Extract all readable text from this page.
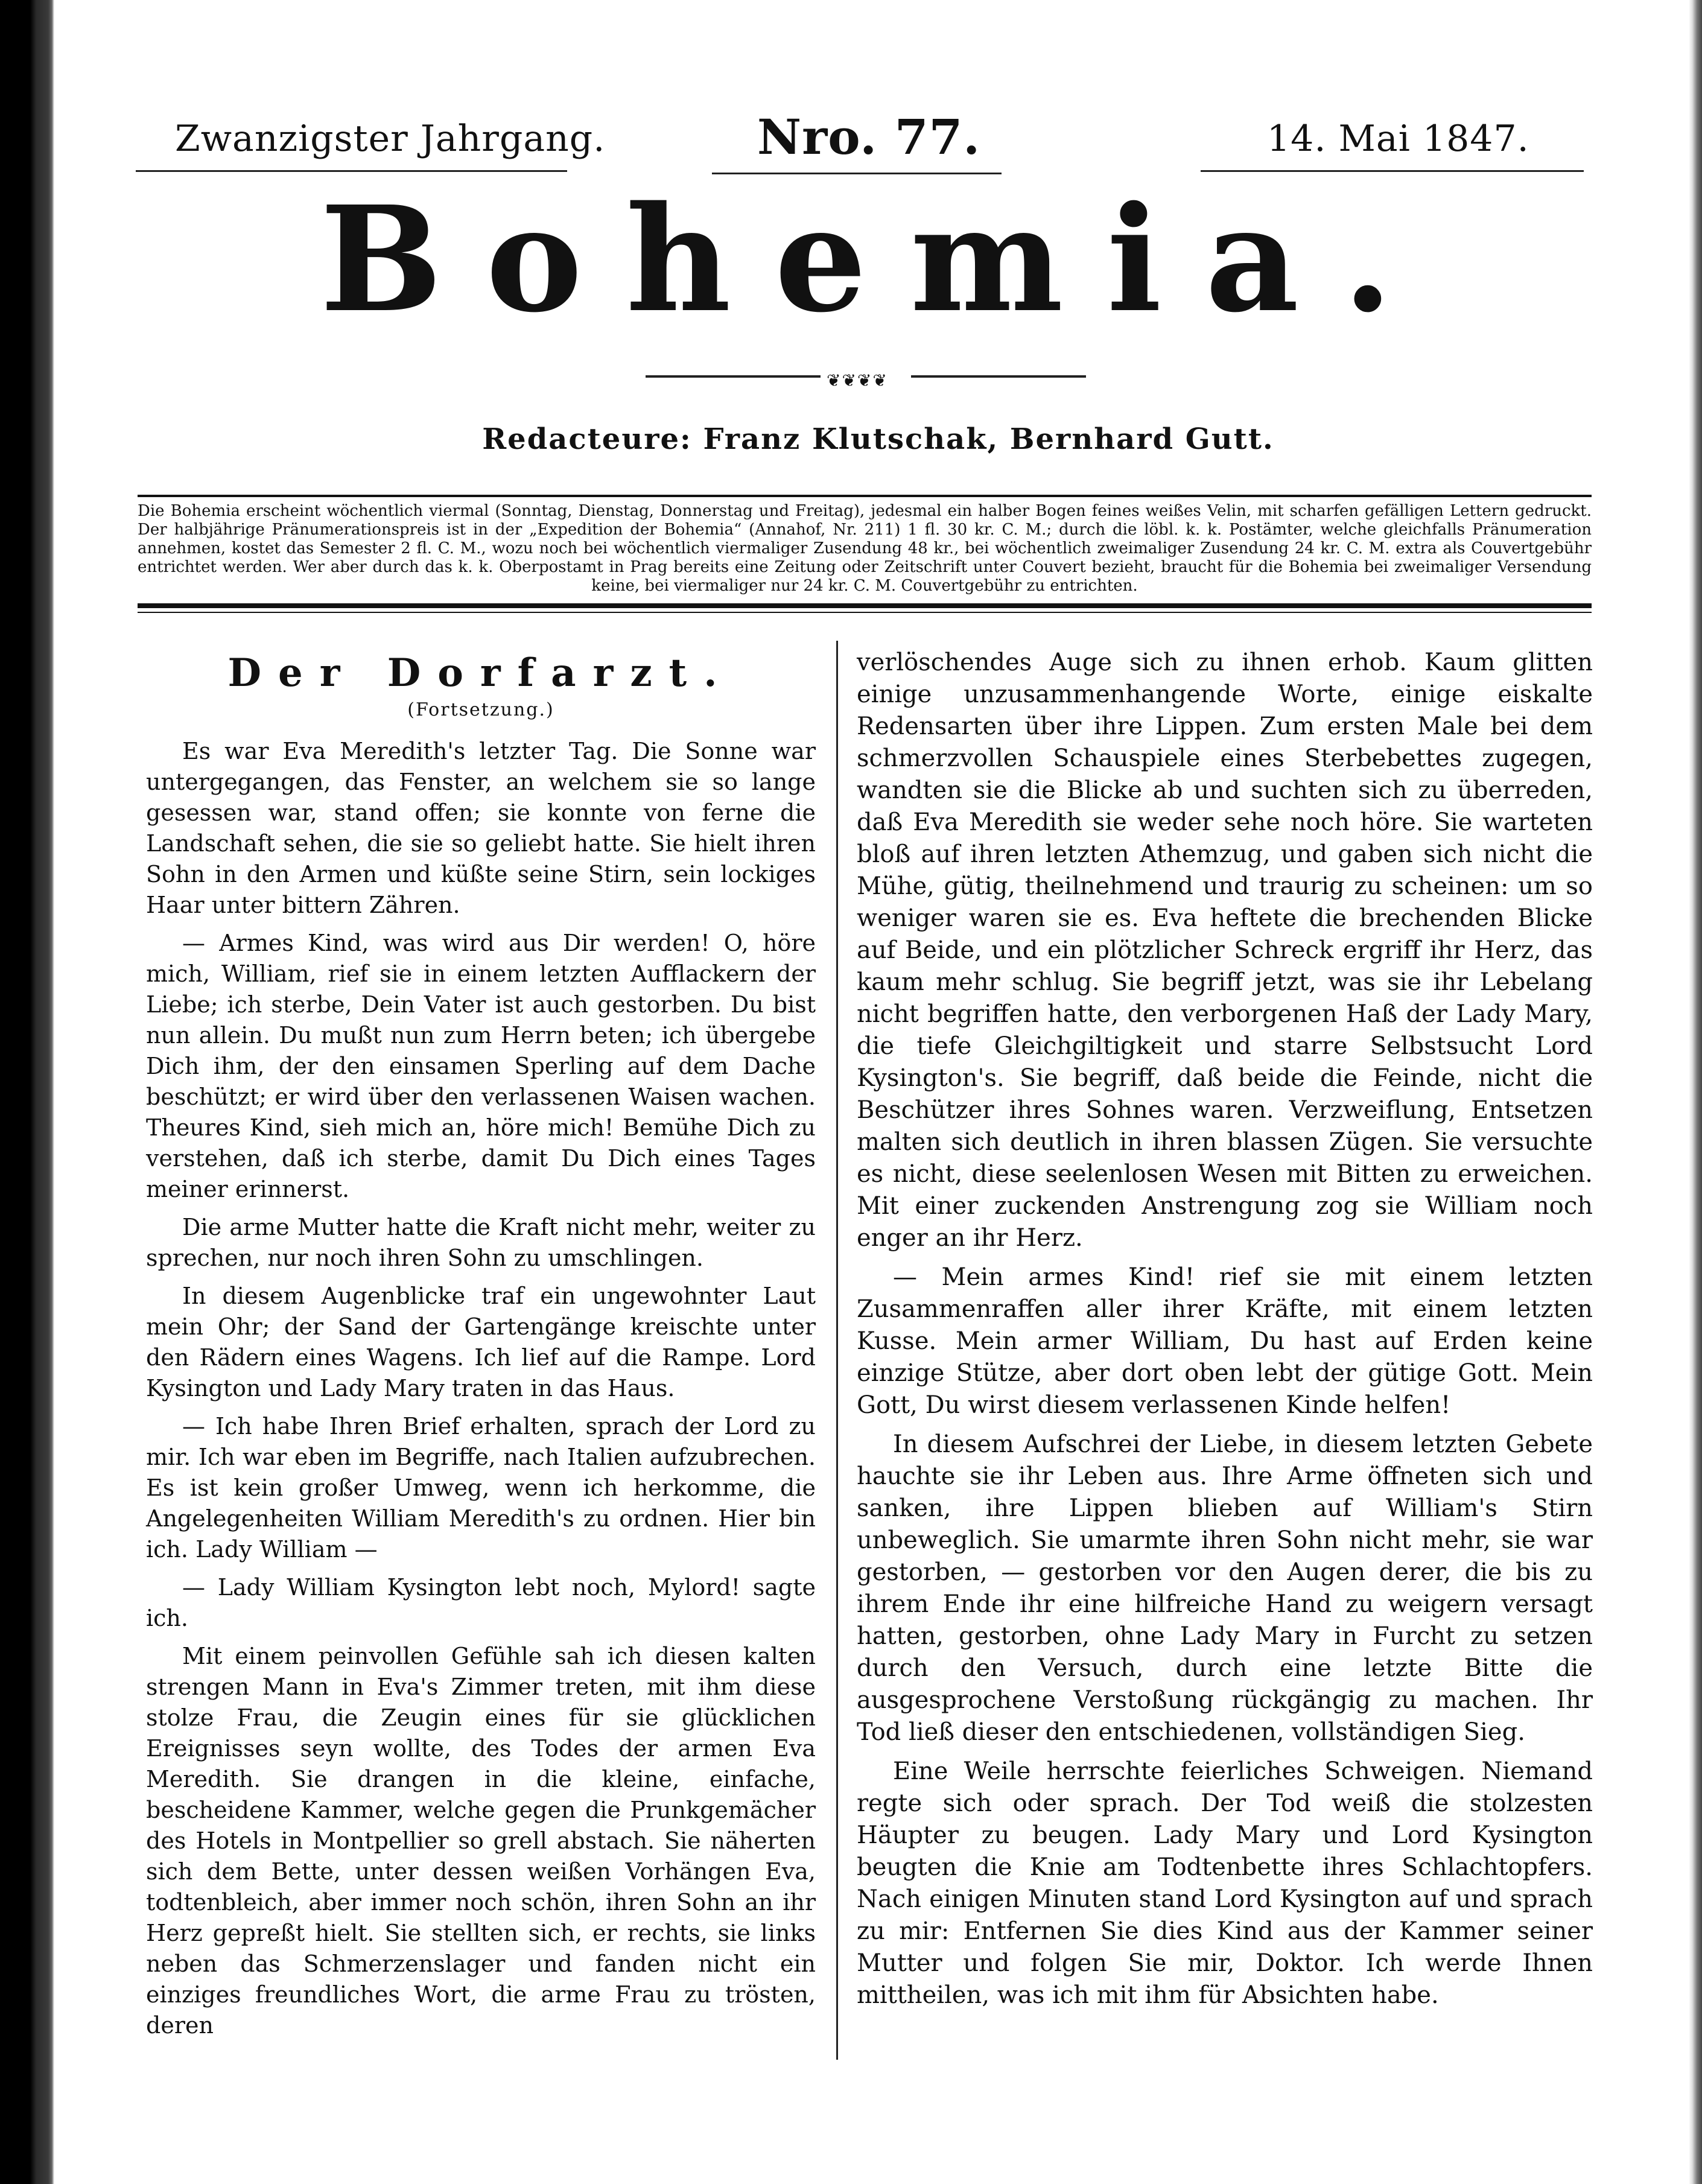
Zwanzigster Jahrgang.	Nro. 77.	14. Mai 1847.
Bohemia.
❦❦❦❦
Redacteure: Franz Klutschak, Bernhard Gutt.
Die Bohemia erscheint wöchentlich viermal (Sonntag, Dienstag, Donnerstag und Freitag), jedesmal ein halber Bogen feines weißes Velin, mit scharfen gefälligen Lettern gedruckt. Der halbjährige Pränumerationspreis ist in der „Expedition der Bohemia“ (Annahof, Nr. 211) 1 fl. 30 kr. C. M.; durch die löbl. k. k. Postämter, welche gleichfalls Pränumeration annehmen, kostet das Semester 2 fl. C. M., wozu noch bei wöchentlich viermaliger Zusendung 48 kr., bei wöchentlich zweimaliger Zusendung 24 kr. C. M. extra als Couvertgebühr entrichtet werden. Wer aber durch das k. k. Oberpostamt in Prag bereits eine Zeitung oder Zeitschrift unter Couvert bezieht, braucht für die Bohemia bei zweimaliger Versendung keine, bei viermaliger nur 24 kr. C. M. Couvertgebühr zu entrichten.
Der Dorfarzt.
(Fortsetzung.)

Es war Eva Meredith's letzter Tag. Die Sonne war untergegangen, das Fenster, an welchem sie so lange gesessen war, stand offen; sie konnte von ferne die Landschaft sehen, die sie so geliebt hatte. Sie hielt ihren Sohn in den Armen und küßte seine Stirn, sein lockiges Haar unter bittern Zähren.

— Armes Kind, was wird aus Dir werden! O, höre mich, William, rief sie in einem letzten Aufflackern der Liebe; ich sterbe, Dein Vater ist auch gestorben. Du bist nun allein. Du mußt nun zum Herrn beten; ich übergebe Dich ihm, der den einsamen Sperling auf dem Dache beschützt; er wird über den verlassenen Waisen wachen. Theures Kind, sieh mich an, höre mich! Bemühe Dich zu verstehen, daß ich sterbe, damit Du Dich eines Tages meiner erinnerst.

Die arme Mutter hatte die Kraft nicht mehr, weiter zu sprechen, nur noch ihren Sohn zu umschlingen.

In diesem Augenblicke traf ein ungewohnter Laut mein Ohr; der Sand der Gartengänge kreischte unter den Rädern eines Wagens. Ich lief auf die Rampe. Lord Kysington und Lady Mary traten in das Haus.

— Ich habe Ihren Brief erhalten, sprach der Lord zu mir. Ich war eben im Begriffe, nach Italien aufzubrechen. Es ist kein großer Umweg, wenn ich herkomme, die Angelegenheiten William Meredith's zu ordnen. Hier bin ich. Lady William —

— Lady William Kysington lebt noch, Mylord! sagte ich.

Mit einem peinvollen Gefühle sah ich diesen kalten strengen Mann in Eva's Zimmer treten, mit ihm diese stolze Frau, die Zeugin eines für sie glücklichen Ereignisses seyn wollte, des Todes der armen Eva Meredith. Sie drangen in die kleine, einfache, bescheidene Kammer, welche gegen die Prunkgemächer des Hotels in Montpellier so grell abstach. Sie näherten sich dem Bette, unter dessen weißen Vorhängen Eva, todtenbleich, aber immer noch schön, ihren Sohn an ihr Herz gepreßt hielt. Sie stellten sich, er rechts, sie links neben das Schmerzenslager und fanden nicht ein einziges freundliches Wort, die arme Frau zu trösten, deren

verlöschendes Auge sich zu ihnen erhob. Kaum glitten einige unzusammenhangende Worte, einige eiskalte Redensarten über ihre Lippen. Zum ersten Male bei dem schmerzvollen Schauspiele eines Sterbebettes zugegen, wandten sie die Blicke ab und suchten sich zu überreden, daß Eva Meredith sie weder sehe noch höre. Sie warteten bloß auf ihren letzten Athemzug, und gaben sich nicht die Mühe, gütig, theilnehmend und traurig zu scheinen: um so weniger waren sie es. Eva heftete die brechenden Blicke auf Beide, und ein plötzlicher Schreck ergriff ihr Herz, das kaum mehr schlug. Sie begriff jetzt, was sie ihr Lebelang nicht begriffen hatte, den verborgenen Haß der Lady Mary, die tiefe Gleichgiltigkeit und starre Selbstsucht Lord Kysington's. Sie begriff, daß beide die Feinde, nicht die Beschützer ihres Sohnes waren. Verzweiflung, Entsetzen malten sich deutlich in ihren blassen Zügen. Sie versuchte es nicht, diese seelenlosen Wesen mit Bitten zu erweichen. Mit einer zuckenden Anstrengung zog sie William noch enger an ihr Herz.

— Mein armes Kind! rief sie mit einem letzten Zusammenraffen aller ihrer Kräfte, mit einem letzten Kusse. Mein armer William, Du hast auf Erden keine einzige Stütze, aber dort oben lebt der gütige Gott. Mein Gott, Du wirst diesem verlassenen Kinde helfen!

In diesem Aufschrei der Liebe, in diesem letzten Gebete hauchte sie ihr Leben aus. Ihre Arme öffneten sich und sanken, ihre Lippen blieben auf William's Stirn unbeweglich. Sie umarmte ihren Sohn nicht mehr, sie war gestorben, — gestorben vor den Augen derer, die bis zu ihrem Ende ihr eine hilfreiche Hand zu weigern versagt hatten, gestorben, ohne Lady Mary in Furcht zu setzen durch den Versuch, durch eine letzte Bitte die ausgesprochene Verstoßung rückgängig zu machen. Ihr Tod ließ dieser den entschiedenen, vollständigen Sieg.

Eine Weile herrschte feierliches Schweigen. Niemand regte sich oder sprach. Der Tod weiß die stolzesten Häupter zu beugen. Lady Mary und Lord Kysington beugten die Knie am Todtenbette ihres Schlachtopfers. Nach einigen Minuten stand Lord Kysington auf und sprach zu mir: Entfernen Sie dies Kind aus der Kammer seiner Mutter und folgen Sie mir, Doktor. Ich werde Ihnen mittheilen, was ich mit ihm für Absichten habe.
